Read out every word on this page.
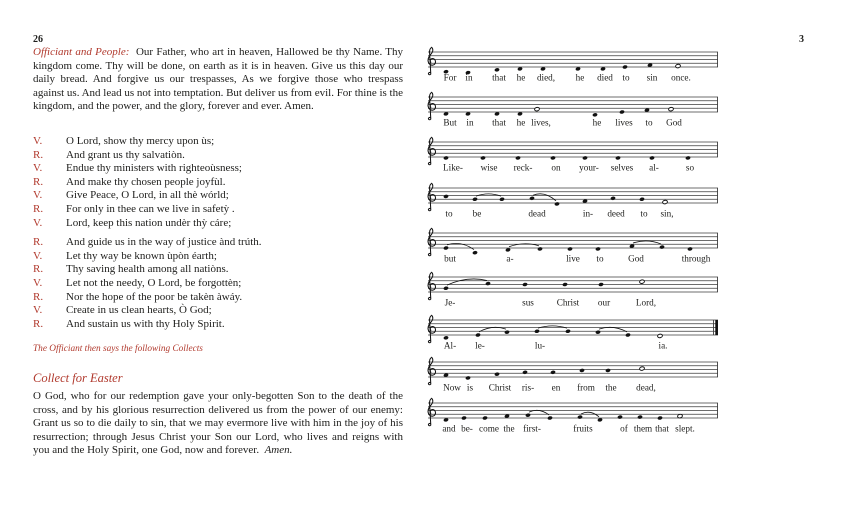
26	3

Officiant and People: Our Father, who art in heaven, Hallowed be thy Name. Thy kingdom come. Thy will be done, on earth as it is in heaven. Give us this day our daily bread. And forgive us our trespasses, As we forgive those who trespass against us. And lead us not into temptation. But deliver us from evil. For thine is the kingdom, and the power, and the glory, forever and ever. Amen.

V.	O Lord, show thy mercy upon ùs;
R.	And grant us thy salvatiòn.
V.	Endue thy ministers with righteoùsness;
R.	And make thy chosen people joyfùl.
V.	Give Peace, O Lord, in all thè wórld;
R.	For only in thee can we live in safetỳ .
V.	Lord, keep this nation undèr thỳ cáre;
R.	And guide us in the way of justice ànd trúth.
V.	Let thy way be known ùpòn éarth;
R.	Thy saving health among all natiòns.
V.	Let not the needy, O Lord, be forgottèn;
R.	Nor the hope of the poor be takèn àwáy.
V.	Create in us clean hearts, Ò God;
R.	And sustain us with thy Holy Spirit.

The Officiant then says the following Collects

Collect for Easter

O God, who for our redemption gave your only-begotten Son to the death of the cross, and by his glorious resurrection delivered us from the power of our enemy: Grant us so to die daily to sin, that we may evermore live with him in the joy of his resurrection; through Jesus Christ your Son our Lord, who lives and reigns with you and the Holy Spirit, one God, now and forever. Amen.

For in that he died, he died to sin once.
But in that he lives,	he lives to God
Like- wise reck- on your- selves al-	so
to be	dead	in- deed to sin,
but	a-	live to	God	through
Je-	sus Christ our	Lord,
Al- le-	lu-	ia.
Now is Christ ris- en from the dead,
and be- come the first-	fruits	of them that slept.
